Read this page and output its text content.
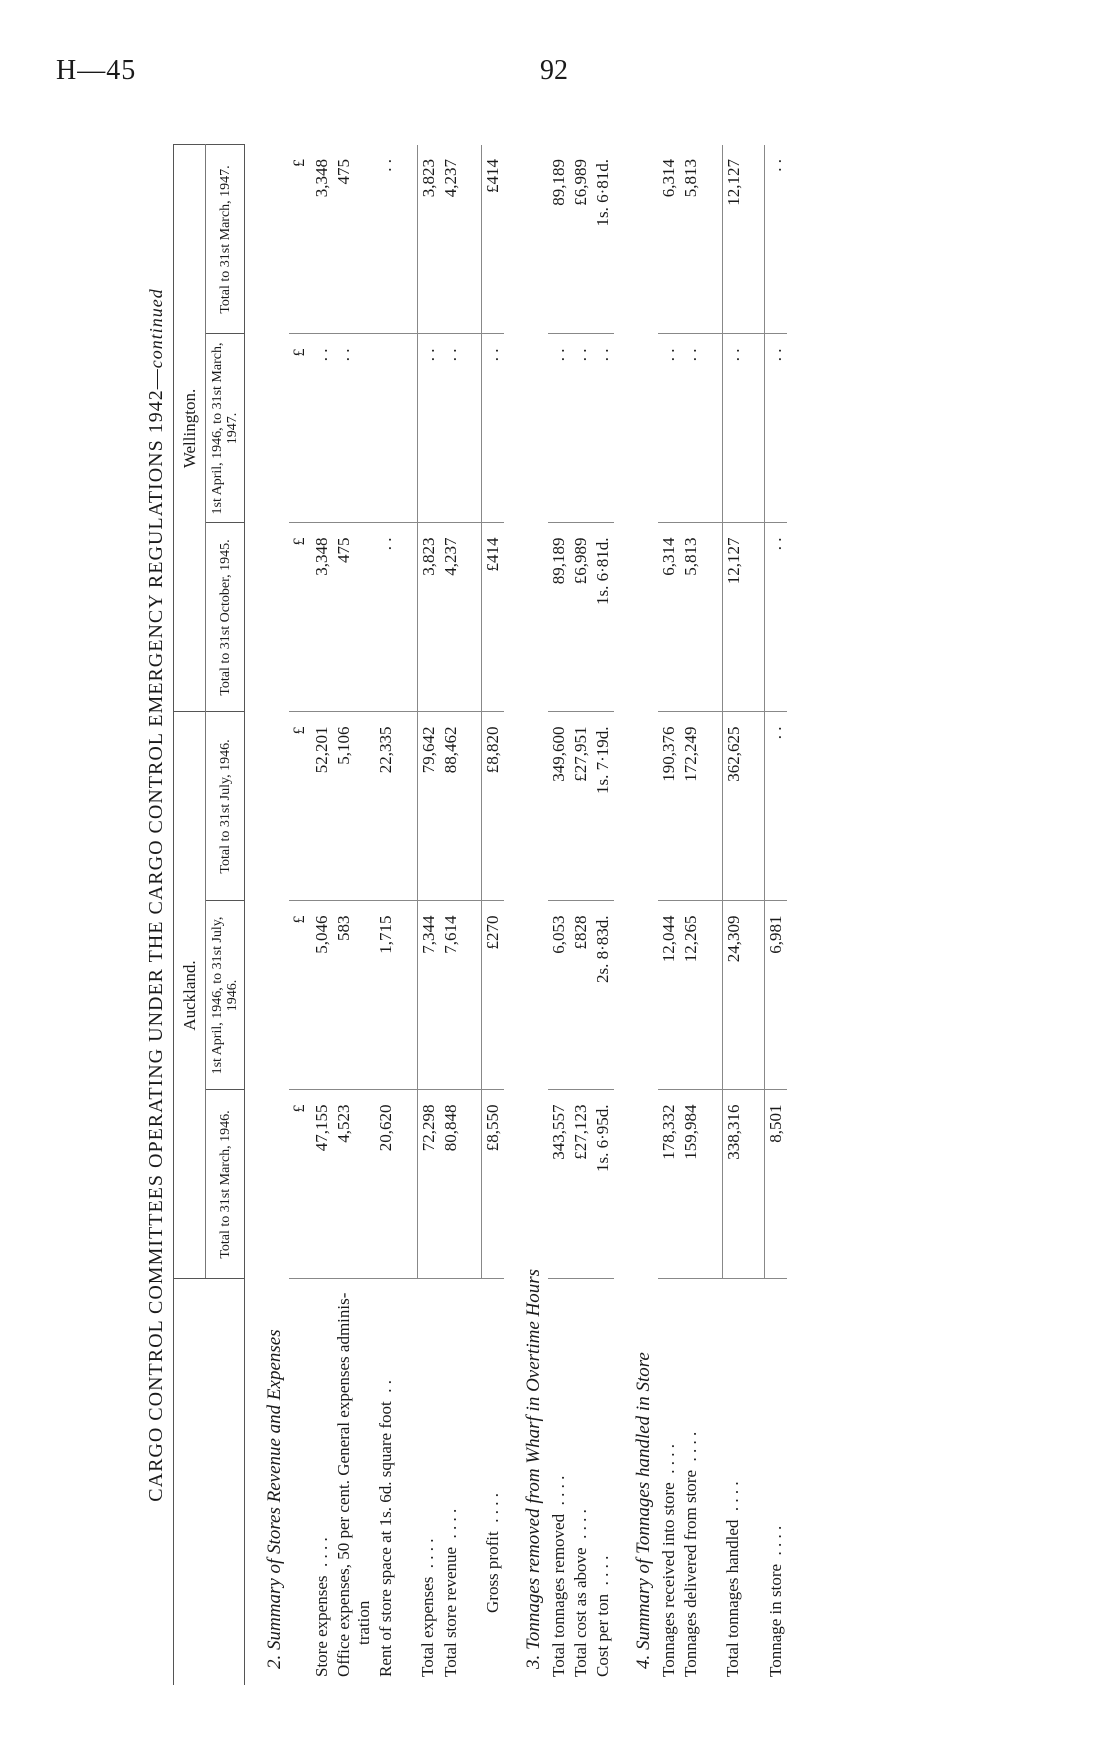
H—45	92
CARGO CONTROL COMMITTEES OPERATING UNDER THE CARGO CONTROL EMERGENCY REGULATIONS 1942—continued
	Auckland.			Wellington.		
	Total to 31st March, 1946.	1st April, 1946, to 31st July, 1946.	Total to 31st July, 1946.	Total to 31st October, 1945.	1st April, 1946, to 31st March, 1947.	Total to 31st March, 1947.
2. Summary of Stores Revenue and Expenses						
	£	£	£	£	£	£
Store expenses  . . . .	47,155	5,046	52,201	3,348	. .	3,348
Office expenses, 50 per cent. General expenses adminis- tration	4,523	583	5,106	475	. .	475
Rent of store space at 1s. 6d. square foot  . .	20,620	1,715	22,335	. .		. .

Total expenses  . . . .	72,298	7,344	79,642	3,823	. .	3,823
Total store revenue  . . . .	80,848	7,614	88,462	4,237	. .	4,237

Gross profit  . . . .	£8,550	£270	£8,820	£414	. .	£414
3. Tonnages removed from Wharf in Overtime Hours						
Total tonnages removed  . . . .	343,557	6,053	349,600	89,189	. .	89,189
Total cost as above  . . . .	£27,123	£828	£27,951	£6,989	. .	£6,989
Cost per ton  . . . .	1s. 6·95d.	2s. 8·83d.	1s. 7·19d.	1s. 6·81d.	. .	1s. 6·81d.
4. Summary of Tonnages handled in Store						
Tonnages received into store  . . . .	178,332	12,044	190,376	6,314	. .	6,314
Tonnages delivered from store  . . . .	159,984	12,265	172,249	5,813	. .	5,813

Total tonnages handled  . . . .	338,316	24,309	362,625	12,127	. .	12,127

Tonnage in store  . . . .	8,501	6,981	. .	. .	. .	. .
